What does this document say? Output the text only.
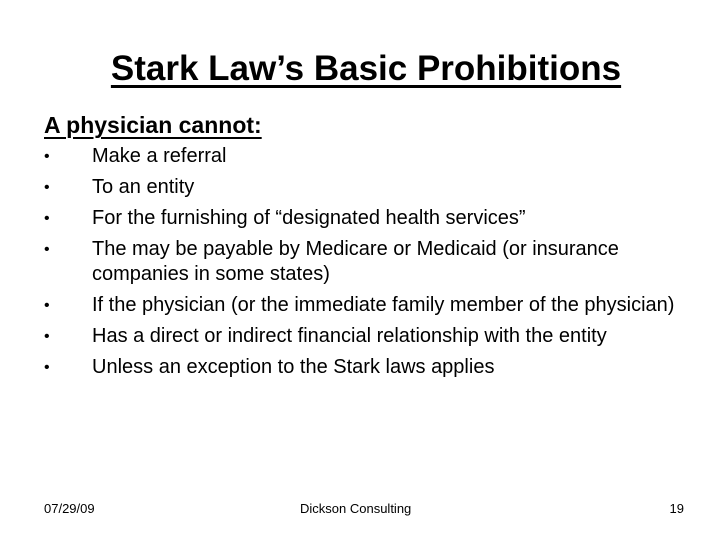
Stark Law’s Basic Prohibitions
A physician cannot:
•	Make a referral
•	To an entity
•	For the furnishing of “designated health services”
•	The may be payable by Medicare or Medicaid (or insurance companies in some states)
•	If the physician (or the immediate family member of the physician)
•	Has a direct or indirect financial relationship with the entity
•	Unless an exception to the Stark laws applies
07/29/09	Dickson Consulting	19
